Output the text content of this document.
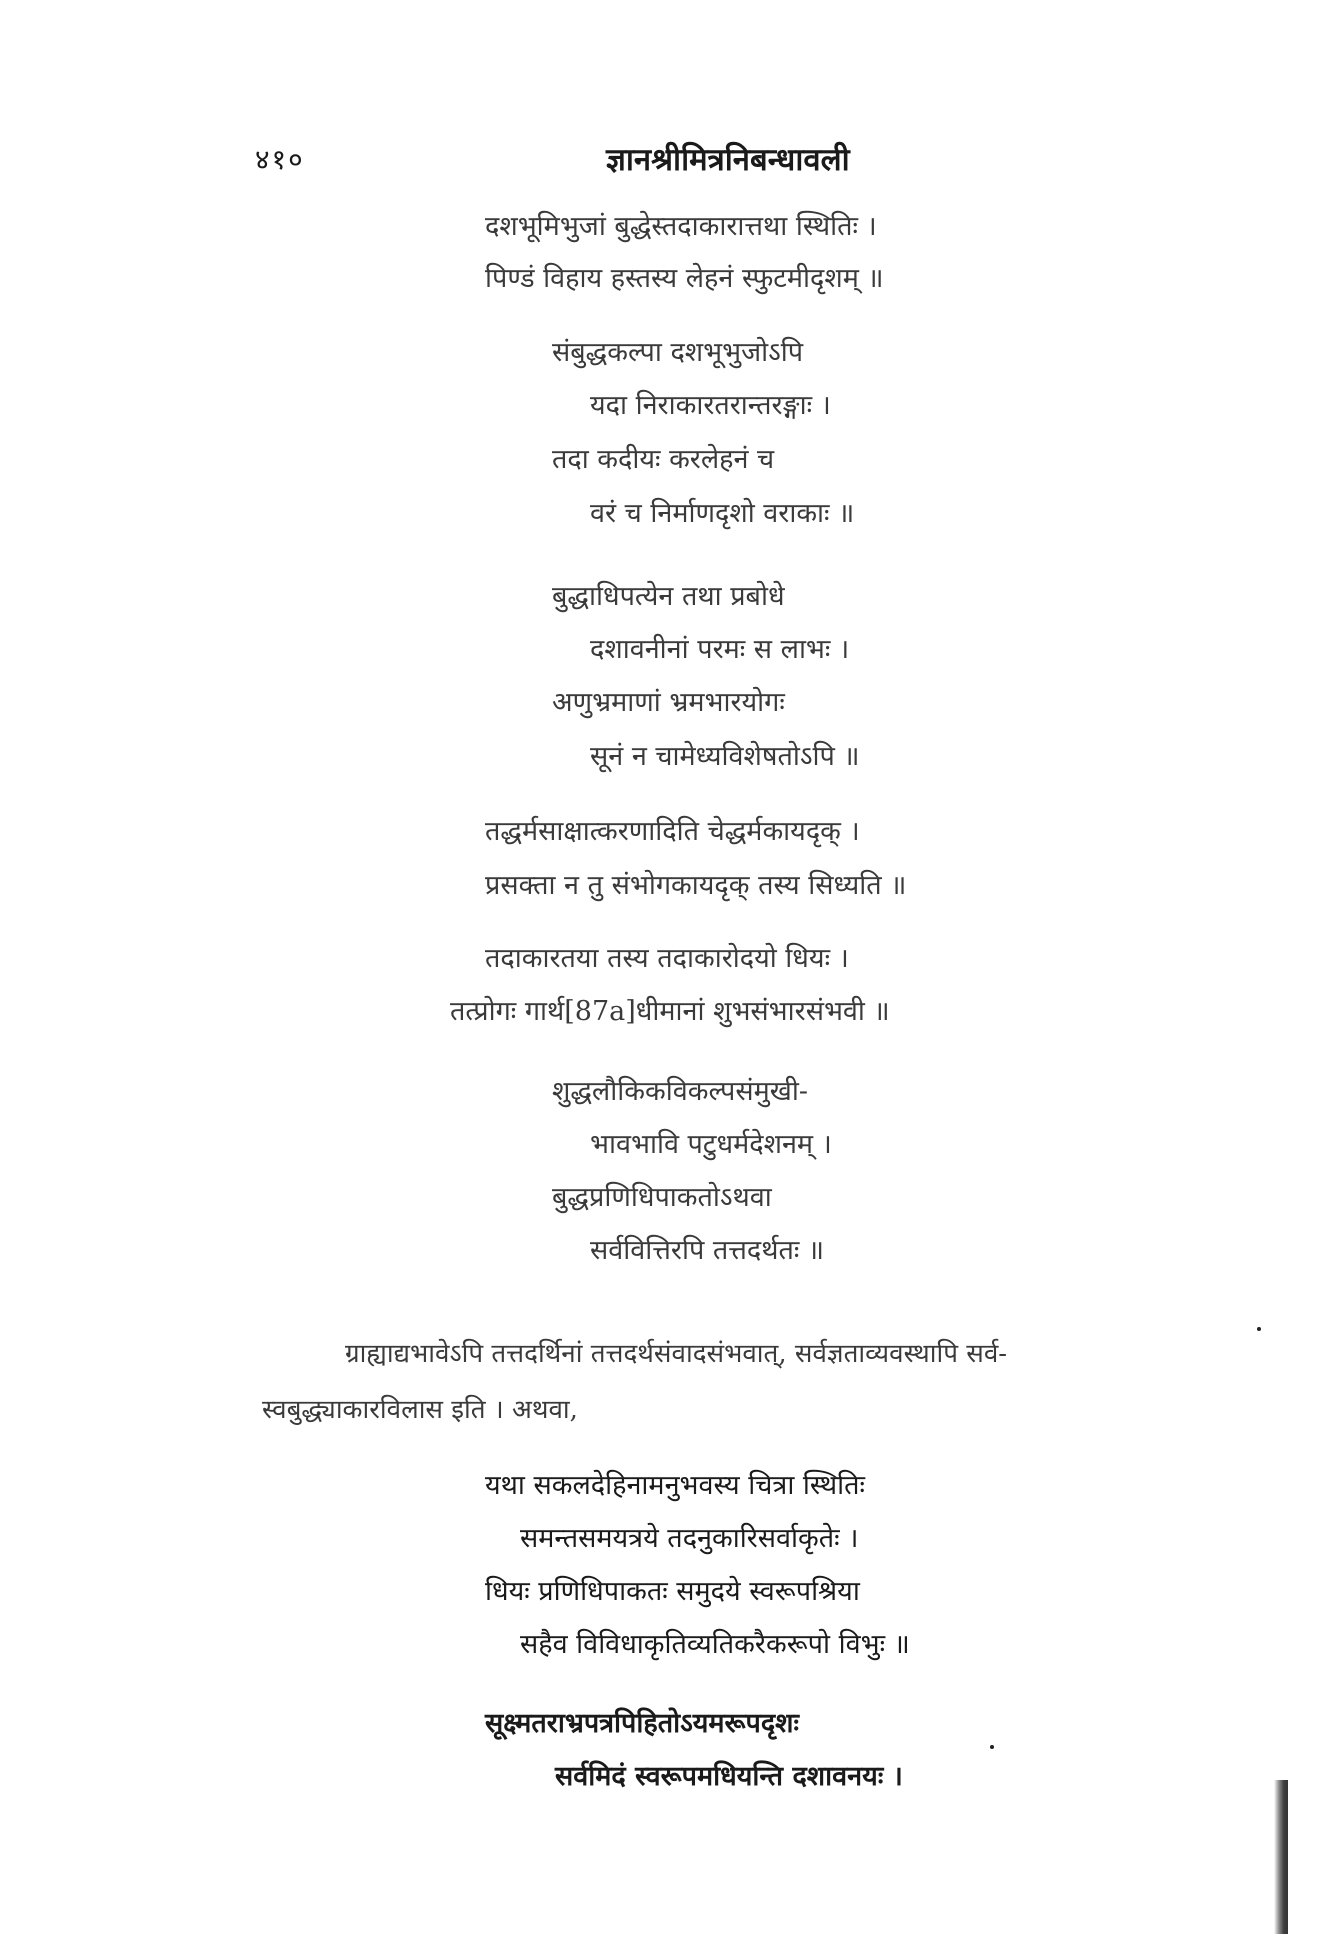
४१०	ज्ञानश्रीमित्रनिबन्धावली
दशभूमिभुजां बुद्धेस्तदाकारात्तथा स्थितिः ।
पिण्डं विहाय हस्तस्य लेहनं स्फुटमीदृशम् ॥
संबुद्धकल्पा दशभूभुजोऽपि
यदा निराकारतरान्तरङ्गाः ।
तदा कदीयः करलेहनं च
वरं च निर्माणदृशो वराकाः ॥
बुद्धाधिपत्येन तथा प्रबोधे
दशावनीनां परमः स लाभः ।
अणुभ्रमाणां भ्रमभारयोगः
सूनं न चामेध्यविशेषतोऽपि ॥
तद्धर्मसाक्षात्करणादिति चेद्धर्मकायदृक् ।
प्रसक्ता न तु संभोगकायदृक् तस्य सिध्यति ॥
तदाकारतया तस्य तदाकारोदयो धियः ।
तत्प्रोगः गार्थ[87a]धीमानां शुभसंभारसंभवी ॥
शुद्धलौकिकविकल्पसंमुखी-
भावभावि पटुधर्मदेशनम् ।
बुद्धप्रणिधिपाकतोऽथवा
सर्ववित्तिरपि तत्तदर्थतः ॥
ग्राह्याद्यभावेऽपि तत्तदर्थिनां तत्तदर्थसंवादसंभवात्, सर्वज्ञताव्यवस्थापि सर्व-
स्वबुद्ध्याकारविलास इति । अथवा,
यथा सकलदेहिनामनुभवस्य चित्रा स्थितिः
समन्तसमयत्रये तदनुकारिसर्वाकृतेः ।
धियः प्रणिधिपाकतः समुदये स्वरूपश्रिया
सहैव विविधाकृतिव्यतिकरैकरूपो विभुः ॥
सूक्ष्मतराभ्रपत्रपिहितोऽयमरूपदृशः
सर्वमिदं स्वरूपमधियन्ति दशावनयः ।
